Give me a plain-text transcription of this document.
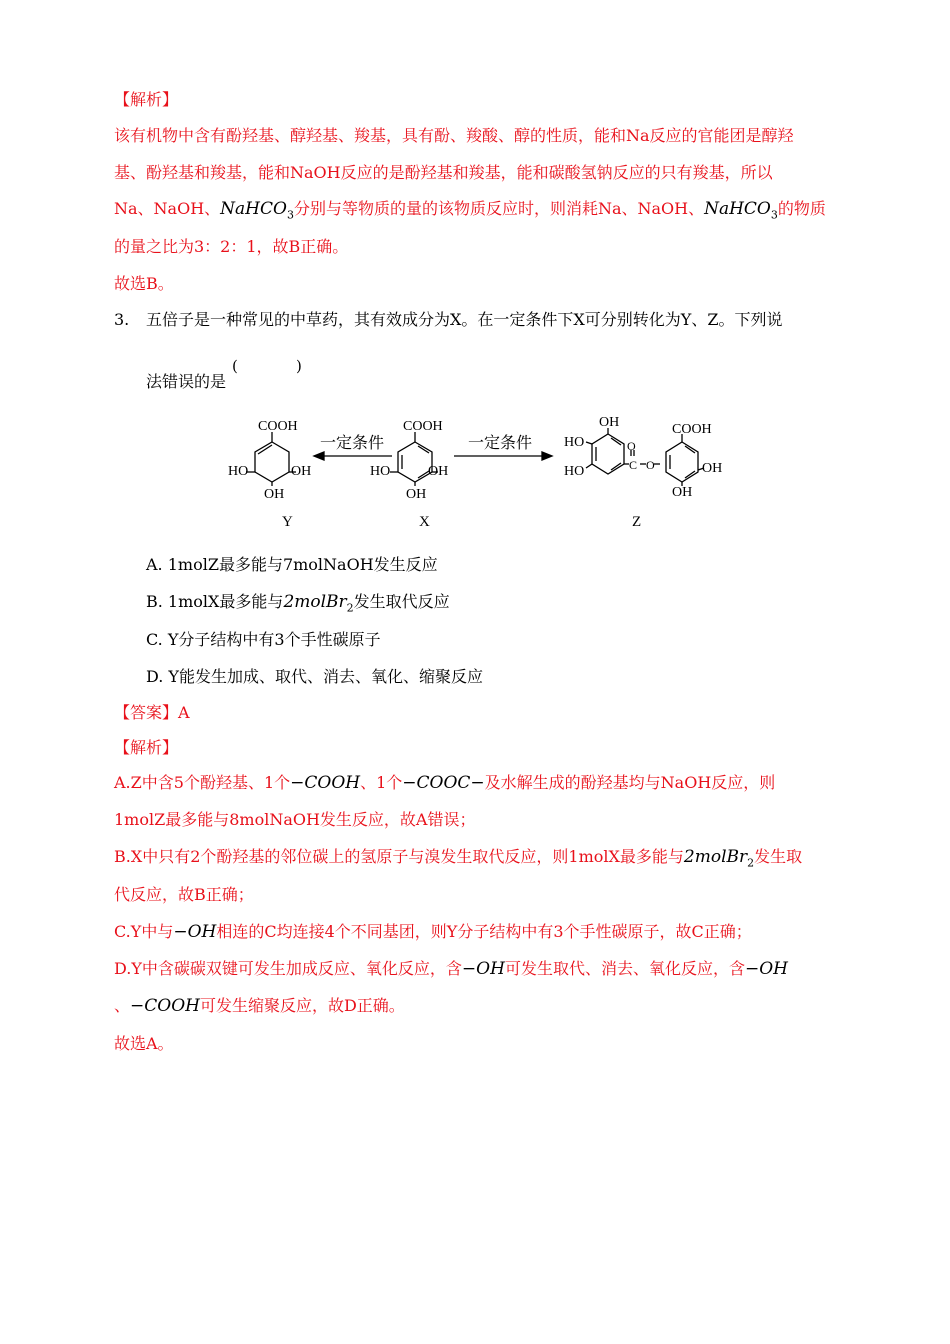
【解析】
该有机物中含有酚羟基、醇羟基、羧基，具有酚、羧酸、醇的性质，能和Na反应的官能团是醇羟
基、酚羟基和羧基，能和NaOH反应的是酚羟基和羧基，能和碳酸氢钠反应的只有羧基，所以
Na、NaOH、NaHCO$_3$分别与等物质的量的该物质反应时，则消耗Na、NaOH、NaHCO$_3$的物质
的量之比为3：2：1，故B正确。
故选B。
3. 五倍子是一种常见的中草药，其有效成分为X。在一定条件下X可分别转化为Y、Z。下列说
(	)
法错误的是
COOH
HO	OH
OH
一定条件	一定条件
COOH
HO	OH
OH
OH
HO
HO
O
C O
COOH
OH
OH
Y	X	Z
A. 1molZ最多能与7molNaOH发生反应
B. 1molX最多能与2molBr$_2$发生取代反应
C. Y分子结构中有3个手性碳原子
D. Y能发生加成、取代、消去、氧化、缩聚反应
【答案】A
【解析】
A.Z中含5个酚羟基、1个−COOH、1个−COOC−及水解生成的酚羟基均与NaOH反应，则
1molZ最多能与8molNaOH发生反应，故A错误；
B.X中只有2个酚羟基的邻位碳上的氢原子与溴发生取代反应，则1molX最多能与2molBr$_2$发生取
代反应，故B正确；
C.Y中与−OH相连的C均连接4个不同基团，则Y分子结构中有3个手性碳原子，故C正确；
D.Y中含碳碳双键可发生加成反应、氧化反应，含−OH可发生取代、消去、氧化反应，含−OH
、−COOH可发生缩聚反应，故D正确。
故选A。
